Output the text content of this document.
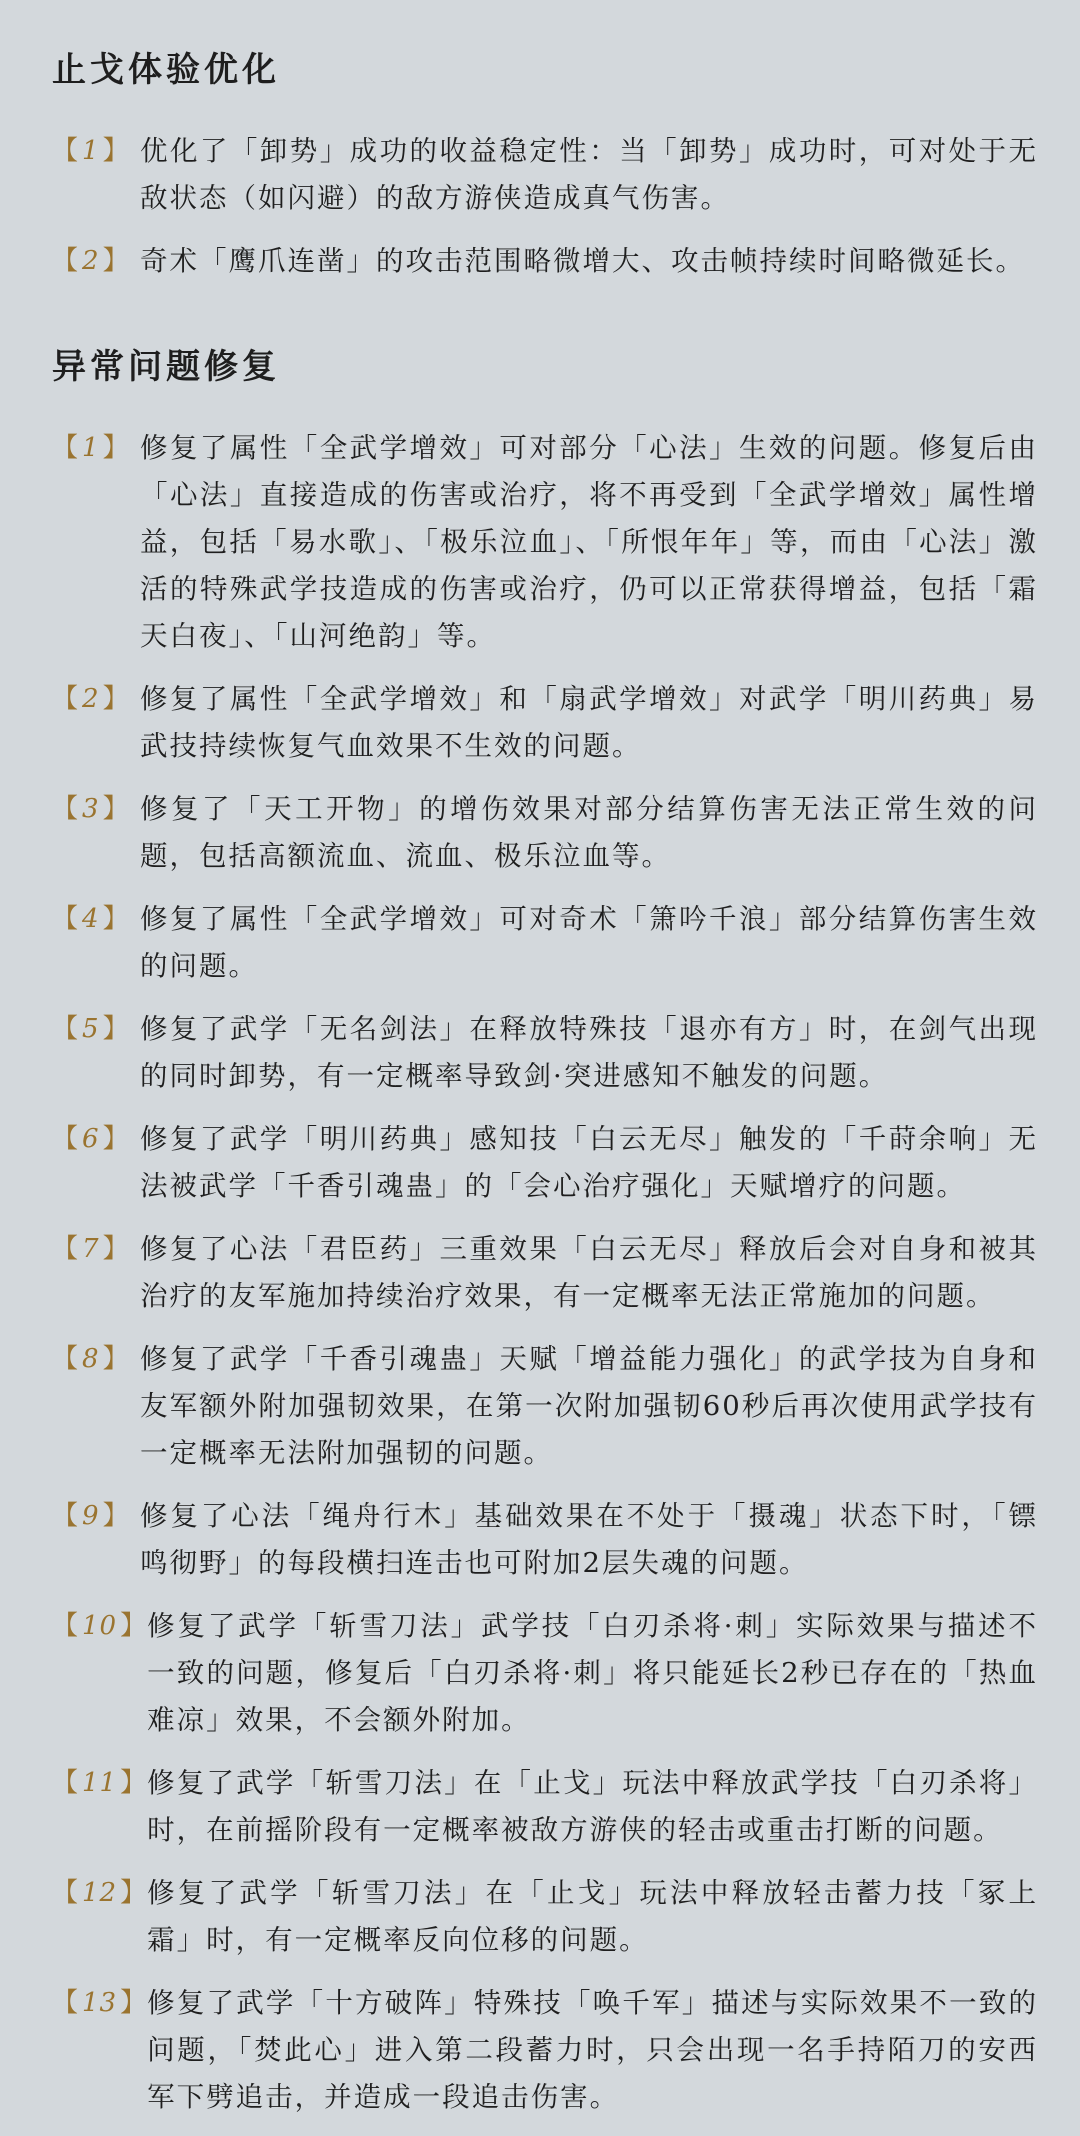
止戈体验优化
【 1 】 优化了「卸势」成功的收益稳定性：当「卸势」成功时，可对处于无敌状态（如闪避）的敌方游侠造成真气伤害。
【 2 】 奇术「鹰爪连凿」的攻击范围略微增大、攻击帧持续时间略微延长。
异常问题修复
【 1 】 修复了属性「全武学增效」可对部分「心法」生效的问题。修复后由「心法」直接造成的伤害或治疗，将不再受到「全武学增效」属性增益，包括「易水歌」、「极乐泣血」、「所恨年年」等，而由「心法」激活的特殊武学技造成的伤害或治疗，仍可以正常获得增益，包括「霜天白夜」、「山河绝韵」等。
【 2 】 修复了属性「全武学增效」和「扇武学增效」对武学「明川药典」易武技持续恢复气血效果不生效的问题。
【 3 】 修复了「天工开物」的增伤效果对部分结算伤害无法正常生效的问题，包括高额流血、流血、极乐泣血等。
【 4 】 修复了属性「全武学增效」可对奇术「箫吟千浪」部分结算伤害生效的问题。
【 5 】 修复了武学「无名剑法」在释放特殊技「退亦有方」时，在剑气出现的同时卸势，有一定概率导致剑·突进感知不触发的问题。
【 6 】 修复了武学「明川药典」感知技「白云无尽」触发的「千莳余响」无法被武学「千香引魂蛊」的「会心治疗强化」天赋增疗的问题。
【 7 】 修复了心法「君臣药」三重效果「白云无尽」释放后会对自身和被其治疗的友军施加持续治疗效果，有一定概率无法正常施加的问题。
【 8 】 修复了武学「千香引魂蛊」天赋「增益能力强化」的武学技为自身和友军额外附加强韧效果，在第一次附加强韧60秒后再次使用武学技有一定概率无法附加强韧的问题。
【 9 】 修复了心法「绳舟行木」基础效果在不处于「摄魂」状态下时，「镖鸣彻野」的每段横扫连击也可附加2层失魂的问题。
【 10 】 修复了武学「斩雪刀法」武学技「白刃杀将·刺」实际效果与描述不一致的问题，修复后「白刃杀将·刺」将只能延长2秒已存在的「热血难凉」效果，不会额外附加。
【 11 】 修复了武学「斩雪刀法」在「止戈」玩法中释放武学技「白刃杀将」时，在前摇阶段有一定概率被敌方游侠的轻击或重击打断的问题。
【 12 】 修复了武学「斩雪刀法」在「止戈」玩法中释放轻击蓄力技「冢上霜」时，有一定概率反向位移的问题。
【 13 】 修复了武学「十方破阵」特殊技「唤千军」描述与实际效果不一致的问题，「焚此心」进入第二段蓄力时，只会出现一名手持陌刀的安西军下劈追击，并造成一段追击伤害。
